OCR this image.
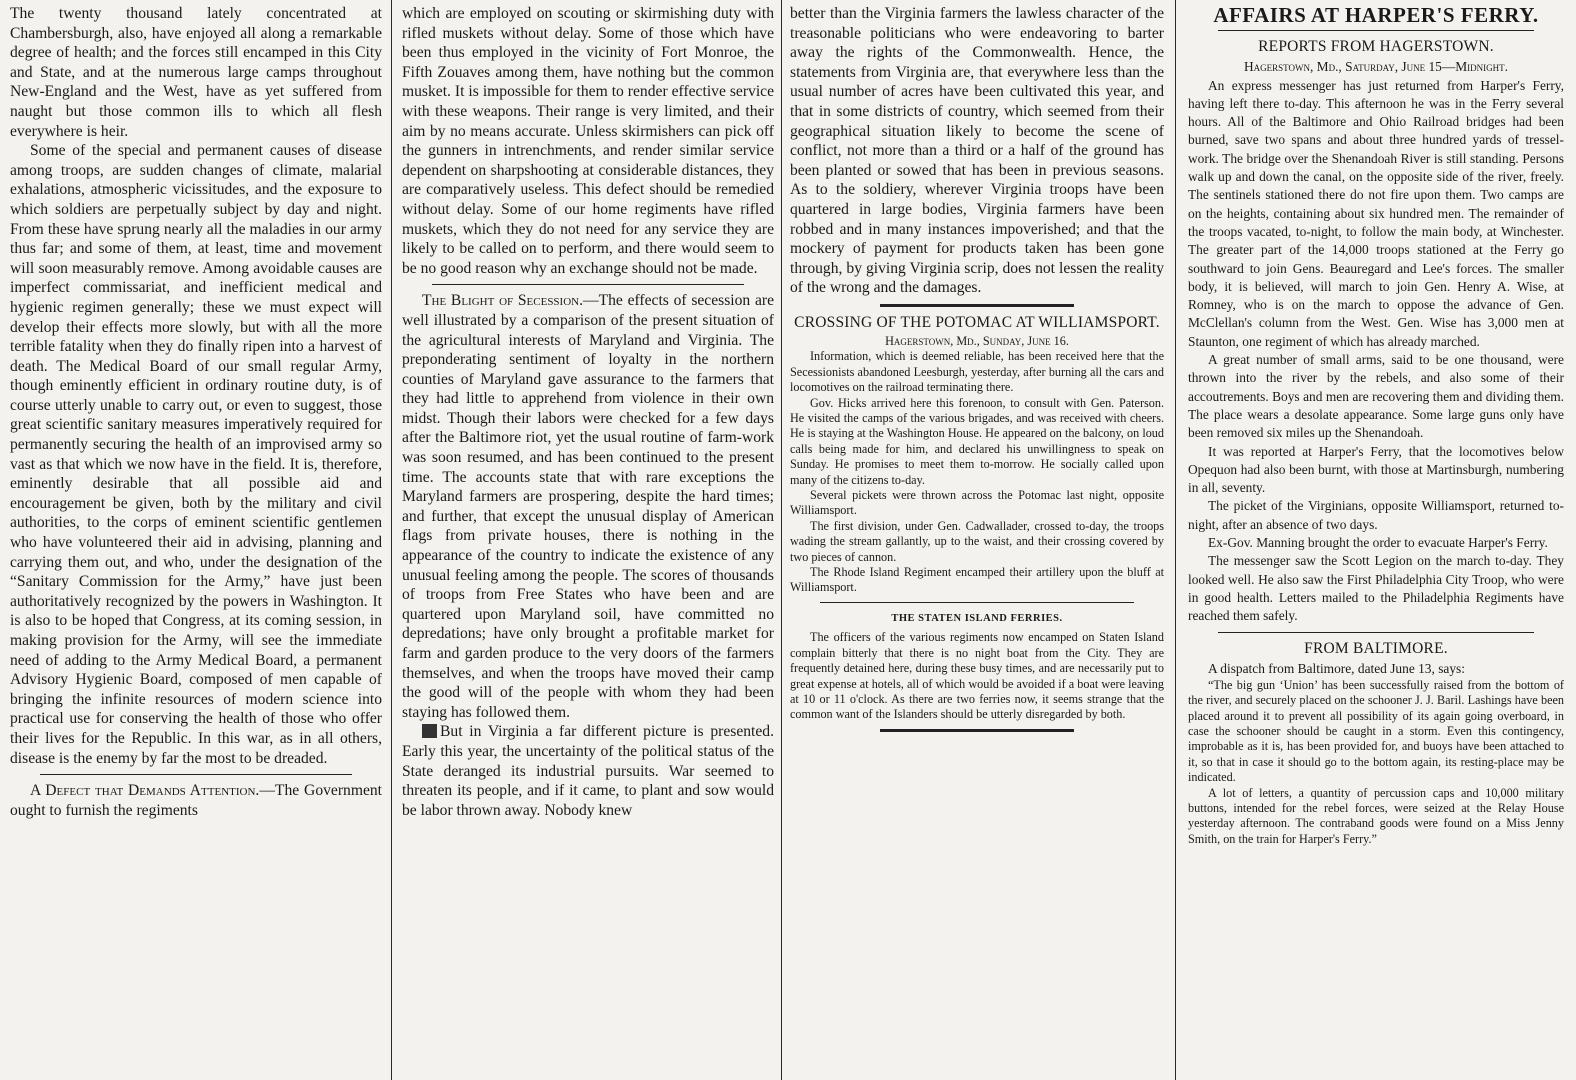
The twenty thousand lately concentrated at Chambersburgh, also, have enjoyed all along a remarkable degree of health; and the forces still encamped in this City and State, and at the numerous large camps throughout New-England and the West, have as yet suffered from naught but those common ills to which all flesh everywhere is heir.

Some of the special and permanent causes of disease among troops, are sudden changes of climate, malarial exhalations, atmospheric vicissitudes, and the exposure to which soldiers are perpetually subject by day and night. From these have sprung nearly all the maladies in our army thus far; and some of them, at least, time and movement will soon measurably remove. Among avoidable causes are imperfect commissariat, and inefficient medical and hygienic regimen generally; these we must expect will develop their effects more slowly, but with all the more terrible fatality when they do finally ripen into a harvest of death. The Medical Board of our small regular Army, though eminently efficient in ordinary routine duty, is of course utterly unable to carry out, or even to suggest, those great scientific sanitary measures imperatively required for permanently securing the health of an improvised army so vast as that which we now have in the field. It is, therefore, eminently desirable that all possible aid and encouragement be given, both by the military and civil authorities, to the corps of eminent scientific gentlemen who have volunteered their aid in advising, planning and carrying them out, and who, under the designation of the “Sanitary Commission for the Army,” have just been authoritatively recognized by the powers in Washington. It is also to be hoped that Congress, at its coming session, in making provision for the Army, will see the immediate need of adding to the Army Medical Board, a permanent Advisory Hygienic Board, composed of men capable of bringing the infinite resources of modern science into practical use for conserving the health of those who offer their lives for the Republic. In this war, as in all others, disease is the enemy by far the most to be dreaded.

A Defect that Demands Attention.—The Government ought to furnish the regiments

which are employed on scouting or skirmishing duty with rifled muskets without delay. Some of those which have been thus employed in the vicinity of Fort Monroe, the Fifth Zouaves among them, have nothing but the common musket. It is impossible for them to render effective service with these weapons. Their range is very limited, and their aim by no means accurate. Unless skirmishers can pick off the gunners in intrenchments, and render similar service dependent on sharpshooting at considerable distances, they are comparatively useless. This defect should be remedied without delay. Some of our home regiments have rifled muskets, which they do not need for any service they are likely to be called on to perform, and there would seem to be no good reason why an exchange should not be made.

The Blight of Secession.—The effects of secession are well illustrated by a comparison of the present situation of the agricultural interests of Maryland and Virginia. The preponderating sentiment of loyalty in the northern counties of Maryland gave assurance to the farmers that they had little to apprehend from violence in their own midst. Though their labors were checked for a few days after the Baltimore riot, yet the usual routine of farm-work was soon resumed, and has been continued to the present time. The accounts state that with rare exceptions the Maryland farmers are prospering, despite the hard times; and further, that except the unusual display of American flags from private houses, there is nothing in the appearance of the country to indicate the existence of any unusual feeling among the people. The scores of thousands of troops from Free States who have been and are quartered upon Maryland soil, have committed no depredations; have only brought a profitable market for farm and garden produce to the very doors of the farmers themselves, and when the troops have moved their camp the good will of the people with whom they had been staying has followed them.

But in Virginia a far different picture is presented. Early this year, the uncertainty of the political status of the State deranged its industrial pursuits. War seemed to threaten its people, and if it came, to plant and sow would be labor thrown away. Nobody knew

better than the Virginia farmers the lawless character of the treasonable politicians who were endeavoring to barter away the rights of the Commonwealth. Hence, the statements from Virginia are, that everywhere less than the usual number of acres have been cultivated this year, and that in some districts of country, which seemed from their geographical situation likely to become the scene of conflict, not more than a third or a half of the ground has been planted or sowed that has been in previous seasons. As to the soldiery, wherever Virginia troops have been quartered in large bodies, Virginia farmers have been robbed and in many instances impoverished; and that the mockery of payment for products taken has been gone through, by giving Virginia scrip, does not lessen the reality of the wrong and the damages.

CROSSING OF THE POTOMAC AT WILLIAMSPORT.

Hagerstown, Md., Sunday, June 16.

Information, which is deemed reliable, has been received here that the Secessionists abandoned Leesburgh, yesterday, after burning all the cars and locomotives on the railroad terminating there.

Gov. Hicks arrived here this forenoon, to consult with Gen. Paterson. He visited the camps of the various brigades, and was received with cheers. He is staying at the Washington House. He appeared on the balcony, on loud calls being made for him, and declared his unwillingness to speak on Sunday. He promises to meet them to-morrow. He socially called upon many of the citizens to-day.

Several pickets were thrown across the Potomac last night, opposite Williamsport.

The first division, under Gen. Cadwallader, crossed to-day, the troops wading the stream gallantly, up to the waist, and their crossing covered by two pieces of cannon.

The Rhode Island Regiment encamped their artillery upon the bluff at Williamsport.

THE STATEN ISLAND FERRIES.

The officers of the various regiments now encamped on Staten Island complain bitterly that there is no night boat from the City. They are frequently detained here, during these busy times, and are necessarily put to great expense at hotels, all of which would be avoided if a boat were leaving at 10 or 11 o'clock. As there are two ferries now, it seems strange that the common want of the Islanders should be utterly disregarded by both.

AFFAIRS AT HARPER'S FERRY.
REPORTS FROM HAGERSTOWN.

Hagerstown, Md., Saturday, June 15—Midnight.

An express messenger has just returned from Harper's Ferry, having left there to-day. This afternoon he was in the Ferry several hours. All of the Baltimore and Ohio Railroad bridges had been burned, save two spans and about three hundred yards of tressel-work. The bridge over the Shenandoah River is still standing. Persons walk up and down the canal, on the opposite side of the river, freely. The sentinels stationed there do not fire upon them. Two camps are on the heights, containing about six hundred men. The remainder of the troops vacated, to-night, to follow the main body, at Winchester. The greater part of the 14,000 troops stationed at the Ferry go southward to join Gens. Beauregard and Lee's forces. The smaller body, it is believed, will march to join Gen. Henry A. Wise, at Romney, who is on the march to oppose the advance of Gen. McClellan's column from the West. Gen. Wise has 3,000 men at Staunton, one regiment of which has already marched.

A great number of small arms, said to be one thousand, were thrown into the river by the rebels, and also some of their accoutrements. Boys and men are recovering them and dividing them. The place wears a desolate appearance. Some large guns only have been removed six miles up the Shenandoah.

It was reported at Harper's Ferry, that the locomotives below Opequon had also been burnt, with those at Martinsburgh, numbering in all, seventy.

The picket of the Virginians, opposite Williamsport, returned to-night, after an absence of two days.

Ex-Gov. Manning brought the order to evacuate Harper's Ferry.

The messenger saw the Scott Legion on the march to-day. They looked well. He also saw the First Philadelphia City Troop, who were in good health. Letters mailed to the Philadelphia Regiments have reached them safely.

FROM BALTIMORE.

A dispatch from Baltimore, dated June 13, says:

“The big gun ‘Union’ has been successfully raised from the bottom of the river, and securely placed on the schooner J. J. Baril. Lashings have been placed around it to prevent all possibility of its again going overboard, in case the schooner should be caught in a storm. Even this contingency, improbable as it is, has been provided for, and buoys have been attached to it, so that in case it should go to the bottom again, its resting-place may be indicated.

A lot of letters, a quantity of percussion caps and 10,000 military buttons, intended for the rebel forces, were seized at the Relay House yesterday afternoon. The contraband goods were found on a Miss Jenny Smith, on the train for Harper's Ferry.”
